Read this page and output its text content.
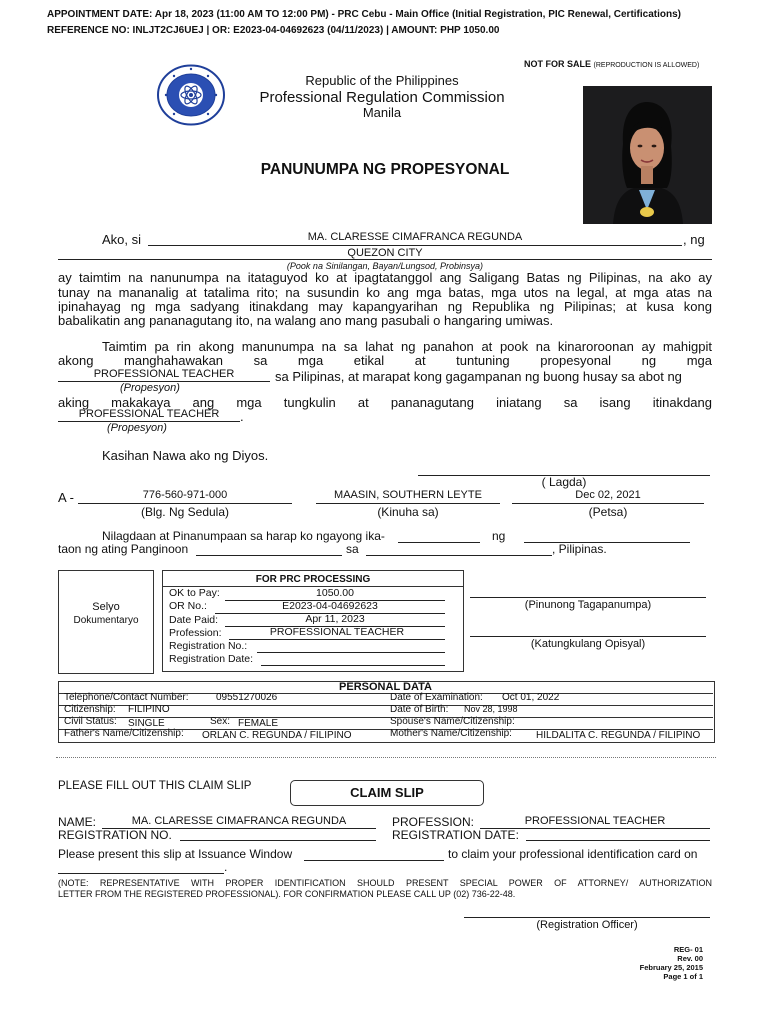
APPOINTMENT DATE: Apr 18, 2023 (11:00 AM TO 12:00 PM) - PRC Cebu - Main Office (Initial Registration, PIC Renewal, Certifications)
REFERENCE NO: INLJT2CJ6UEJ | OR: E2023-04-04692623 (04/11/2023) | AMOUNT: PHP 1050.00
NOT FOR SALE (REPRODUCTION IS ALLOWED)
Republic of the Philippines
Professional Regulation Commission
Manila
PANUNUMPA NG PROPESYONAL
Ako, si	MA. CLARESSE CIMAFRANCA REGUNDA	, ng
QUEZON CITY
(Pook na Sinilangan, Bayan/Lungsod, Probinsya)
ay taimtim na nanunumpa na itataguyod ko at ipagtatanggol ang Saligang Batas ng Pilipinas, na ako ay
tunay na mananalig at tatalima rito; na susundin ko ang mga batas, mga utos na legal, at mga atas na
ipinahayag ng mga sadyang itinakdang may kapangyarihan ng Republika ng Pilipinas; at kusa kong
babalikatin ang pananagutang ito, na walang ano mang pasubali o hangaring umiwas.
Taimtim pa rin akong manunumpa na sa lahat ng panahon at pook na kinaroroonan ay mahigpit
akong manghahawakan sa mga etikal at tuntuning propesyonal ng mga
PROFESSIONAL TEACHER	sa Pilipinas, at marapat kong gagampanan ng buong husay sa abot ng
(Propesyon)
aking makakaya ang mga tungkulin at pananagutang iniatang sa isang itinakdang
PROFESSIONAL TEACHER	.
(Propesyon)
Kasihan Nawa ako ng Diyos.
( Lagda)
A -	776-560-971-000
(Blg. Ng Sedula)
MAASIN, SOUTHERN LEYTE
(Kinuha sa)
Dec 02, 2021
(Petsa)
Nilagdaan at Pinanumpaan sa harap ko ngayong ika-	ng
taon ng ating Panginoon	sa	, Pilipinas.
Selyo
Dokumentaryo
FOR PRC PROCESSING
OK to Pay:	1050.00
OR No.:	E2023-04-04692623
Date Paid:	Apr 11, 2023
Profession:	PROFESSIONAL TEACHER
Registration No.:
Registration Date:
(Pinunong Tagapanumpa)
(Katungkulang Opisyal)
PERSONAL DATA
Telephone/Contact Number:	09551270026	Date of Examination: Oct 01, 2022
Citizenship: FILIPINO	Date of Birth: Nov 28, 1998
Civil Status: SINGLE	Sex: FEMALE	Spouse's Name/Citizenship:
Father's Name/Citizenship: ORLAN C. REGUNDA / FILIPINO	Mother's Name/Citizenship: HILDALITA C. REGUNDA / FILIPINO
PLEASE FILL OUT THIS CLAIM SLIP	CLAIM SLIP
NAME:	MA. CLARESSE CIMAFRANCA REGUNDA	PROFESSION:	PROFESSIONAL TEACHER
REGISTRATION NO.	REGISTRATION DATE:
Please present this slip at Issuance Window	to claim your professional identification card on
.
(NOTE: REPRESENTATIVE WITH PROPER IDENTIFICATION SHOULD PRESENT SPECIAL POWER OF ATTORNEY/ AUTHORIZATION
LETTER FROM THE REGISTERED PROFESSIONAL). FOR CONFIRMATION PLEASE CALL UP (02) 736-22-48.
(Registration Officer)
REG- 01
Rev. 00
February 25, 2015
Page 1 of 1
